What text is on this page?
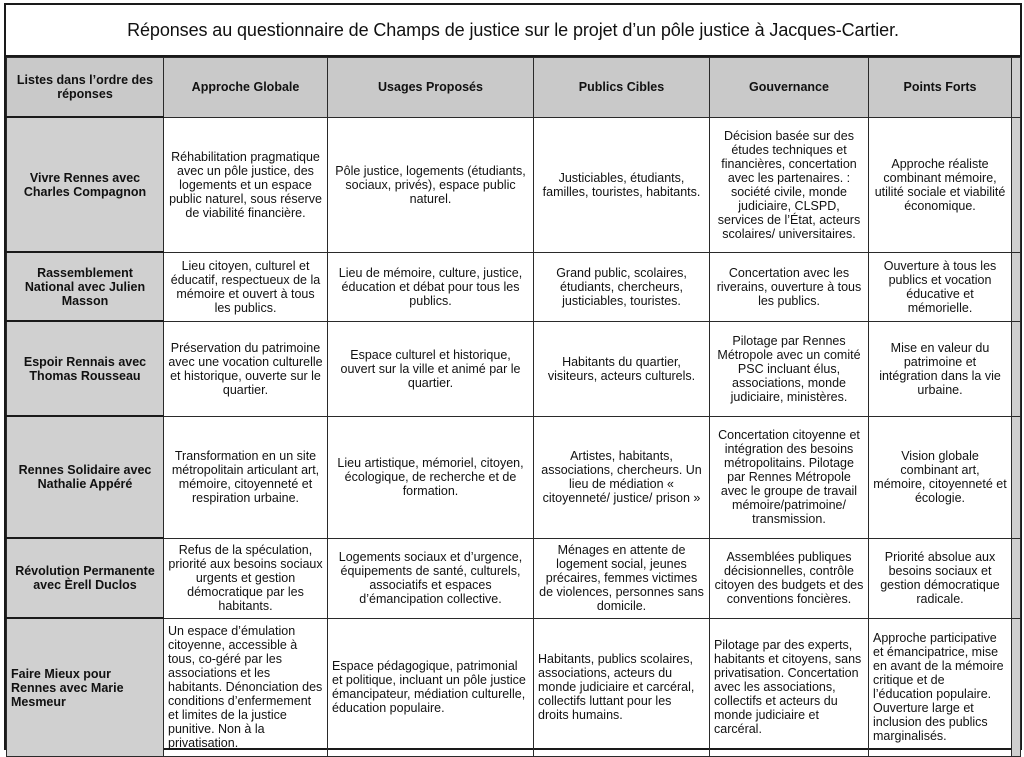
Réponses au questionnaire de Champs de justice sur le projet d’un pôle justice à Jacques-Cartier.
Listes dans l’ordre des réponses	Approche Globale	Usages Proposés	Publics Cibles	Gouvernance	Points Forts	
Vivre Rennes avec Charles Compagnon	Réhabilitation pragmatique avec un pôle justice, des logements et un espace public naturel, sous réserve de viabilité financière.	Pôle justice, logements (étudiants, sociaux, privés), espace public naturel.	Justiciables, étudiants, familles, touristes, habitants.	Décision basée sur des études techniques et financières, concertation avec les partenaires. : société civile, monde judiciaire, CLSPD, services de l’État, acteurs scolaires/ universitaires.	Approche réaliste combinant mémoire, utilité sociale et viabilité économique.	
Rassemblement National avec Julien Masson	Lieu citoyen, culturel et éducatif, respectueux de la mémoire et ouvert à tous les publics.	Lieu de mémoire, culture, justice, éducation et débat pour tous les publics.	Grand public, scolaires, étudiants, chercheurs, justiciables, touristes.	Concertation avec les riverains, ouverture à tous les publics.	Ouverture à tous les publics et vocation éducative et mémorielle.	
Espoir Rennais avec Thomas Rousseau	Préservation du patrimoine avec une vocation culturelle et historique, ouverte sur le quartier.	Espace culturel et historique, ouvert sur la ville et animé par le quartier.	Habitants du quartier, visiteurs, acteurs culturels.	Pilotage par Rennes Métropole avec un comité PSC incluant élus, associations, monde judiciaire, ministères.	Mise en valeur du patrimoine et intégration dans la vie urbaine.	
Rennes Solidaire avec Nathalie Appéré	Transformation en un site métropolitain articulant art, mémoire, citoyenneté et respiration urbaine.	Lieu artistique, mémoriel, citoyen, écologique, de recherche et de formation.	Artistes, habitants, associations, chercheurs. Un lieu de médiation « citoyenneté/ justice/ prison »	Concertation citoyenne et intégration des besoins métropolitains. Pilotage par Rennes Métropole avec le groupe de travail mémoire/patrimoine/ transmission.	Vision globale combinant art, mémoire, citoyenneté et écologie.	
Révolution Permanente avec Èrell Duclos	Refus de la spéculation, priorité aux besoins sociaux urgents et gestion démocratique par les habitants.	Logements sociaux et d’urgence, équipements de santé, culturels, associatifs et espaces d’émancipation collective.	Ménages en attente de logement social, jeunes précaires, femmes victimes de violences, personnes sans domicile.	Assemblées publiques décisionnelles, contrôle citoyen des budgets et des conventions foncières.	Priorité absolue aux besoins sociaux et gestion démocratique radicale.	
Faire Mieux pour Rennes avec Marie Mesmeur	Un espace d’émulation citoyenne, accessible à tous, co-géré par les associations et les habitants. Dénonciation des conditions d’enfermement et limites de la justice punitive. Non à la privatisation.	Espace pédagogique, patrimonial et politique, incluant un pôle justice émancipateur, médiation culturelle, éducation populaire.	Habitants, publics scolaires, associations, acteurs du monde judiciaire et carcéral, collectifs luttant pour les droits humains.	Pilotage par des experts, habitants et citoyens, sans privatisation. Concertation avec les associations, collectifs et acteurs du monde judiciaire et carcéral.	Approche participative et émancipatrice, mise en avant de la mémoire critique et de l’éducation populaire. Ouverture large et inclusion des publics marginalisés.	
